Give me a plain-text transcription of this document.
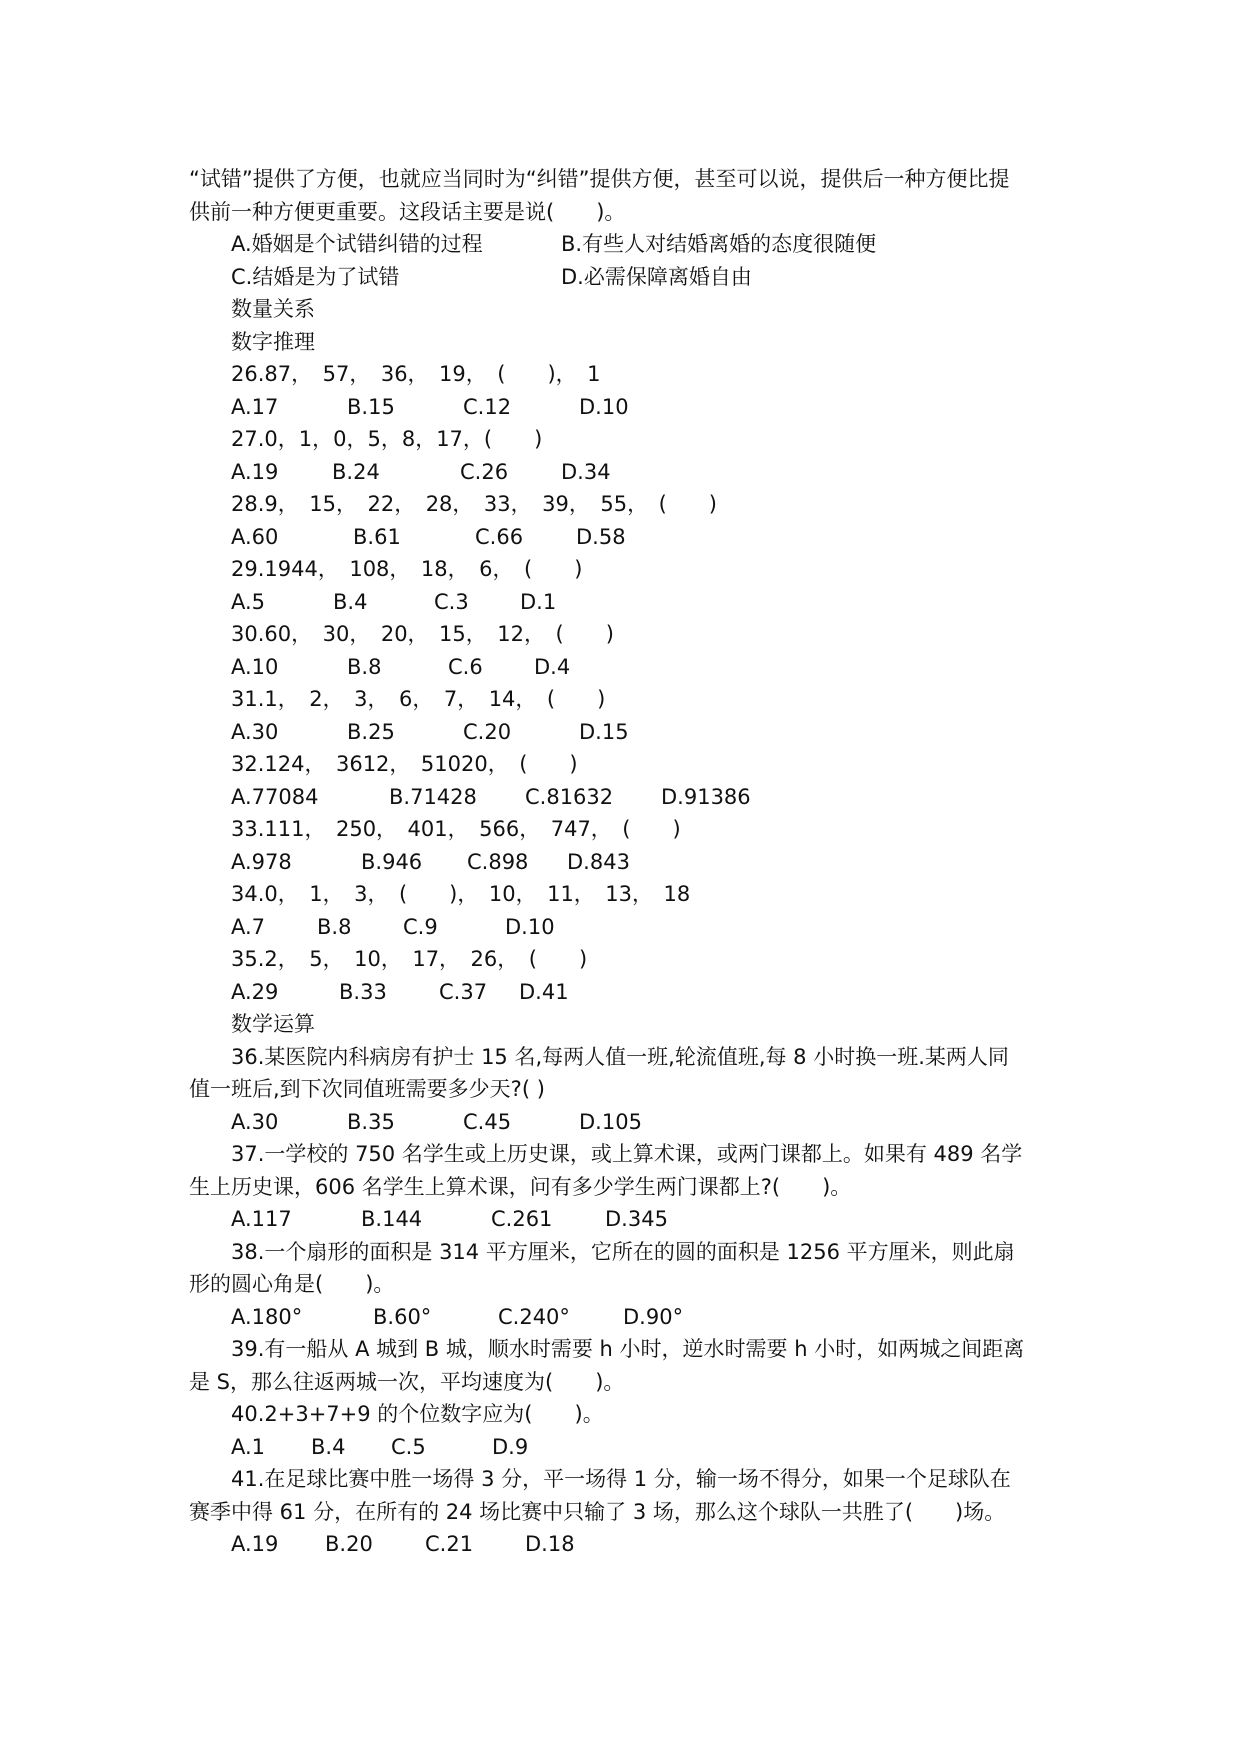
“试错”提供了方便，也就应当同时为“纠错”提供方便，甚至可以说，提供后一种方便比提
供前一种方便更重要。这段话主要是说(　　)。
A.婚姻是个试错纠错的过程	B.有些人对结婚离婚的态度很随便
C.结婚是为了试错	D.必需保障离婚自由
数量关系
数字推理
26.87，　57，　36，　19，　(　　)，　1
A.17	B.15	C.12	D.10
27.0，1，0，5，8，17，(　　)
A.19	B.24	C.26	D.34
28.9，　15，　22，　28，　33，　39，　55，　(　　)
A.60	B.61	C.66	D.58
29.1944，　108，　18，　6，　(　　)
A.5	B.4	C.3	D.1
30.60，　30，　20，　15，　12，　(　　)
A.10	B.8	C.6	D.4
31.1，　2，　3，　6，　7，　14，　(　　)
A.30	B.25	C.20	D.15
32.124，　3612，　51020，　(　　)
A.77084	B.71428	C.81632	D.91386
33.111，　250，　401，　566，　747，　(　　)
A.978	B.946	C.898	D.843
34.0，　1，　3，　(　　)，　10，　11，　13，　18
A.7	B.8	C.9	D.10
35.2，　5，　10，　17，　26，　(　　)
A.29	B.33	C.37	D.41
数学运算
36.某医院内科病房有护士 15 名,每两人值一班,轮流值班,每 8 小时换一班.某两人同
值一班后,到下次同值班需要多少天?( )
A.30	B.35	C.45	D.105
37.一学校的 750 名学生或上历史课，或上算术课，或两门课都上。如果有 489 名学
生上历史课，606 名学生上算术课，问有多少学生两门课都上?(　　)。
A.117	B.144	C.261	D.345
38.一个扇形的面积是 314 平方厘米，它所在的圆的面积是 1256 平方厘米，则此扇
形的圆心角是(　　)。
A.180°	B.60°	C.240°	D.90°
39.有一船从 A 城到 B 城，顺水时需要 h 小时，逆水时需要 h 小时，如两城之间距离
是 S，那么往返两城一次，平均速度为(　　)。
40.2+3+7+9 的个位数字应为(　　)。
A.1	B.4	C.5	D.9
41.在足球比赛中胜一场得 3 分，平一场得 1 分，输一场不得分，如果一个足球队在
赛季中得 61 分，在所有的 24 场比赛中只输了 3 场，那么这个球队一共胜了(　　)场。
A.19	B.20	C.21	D.18
